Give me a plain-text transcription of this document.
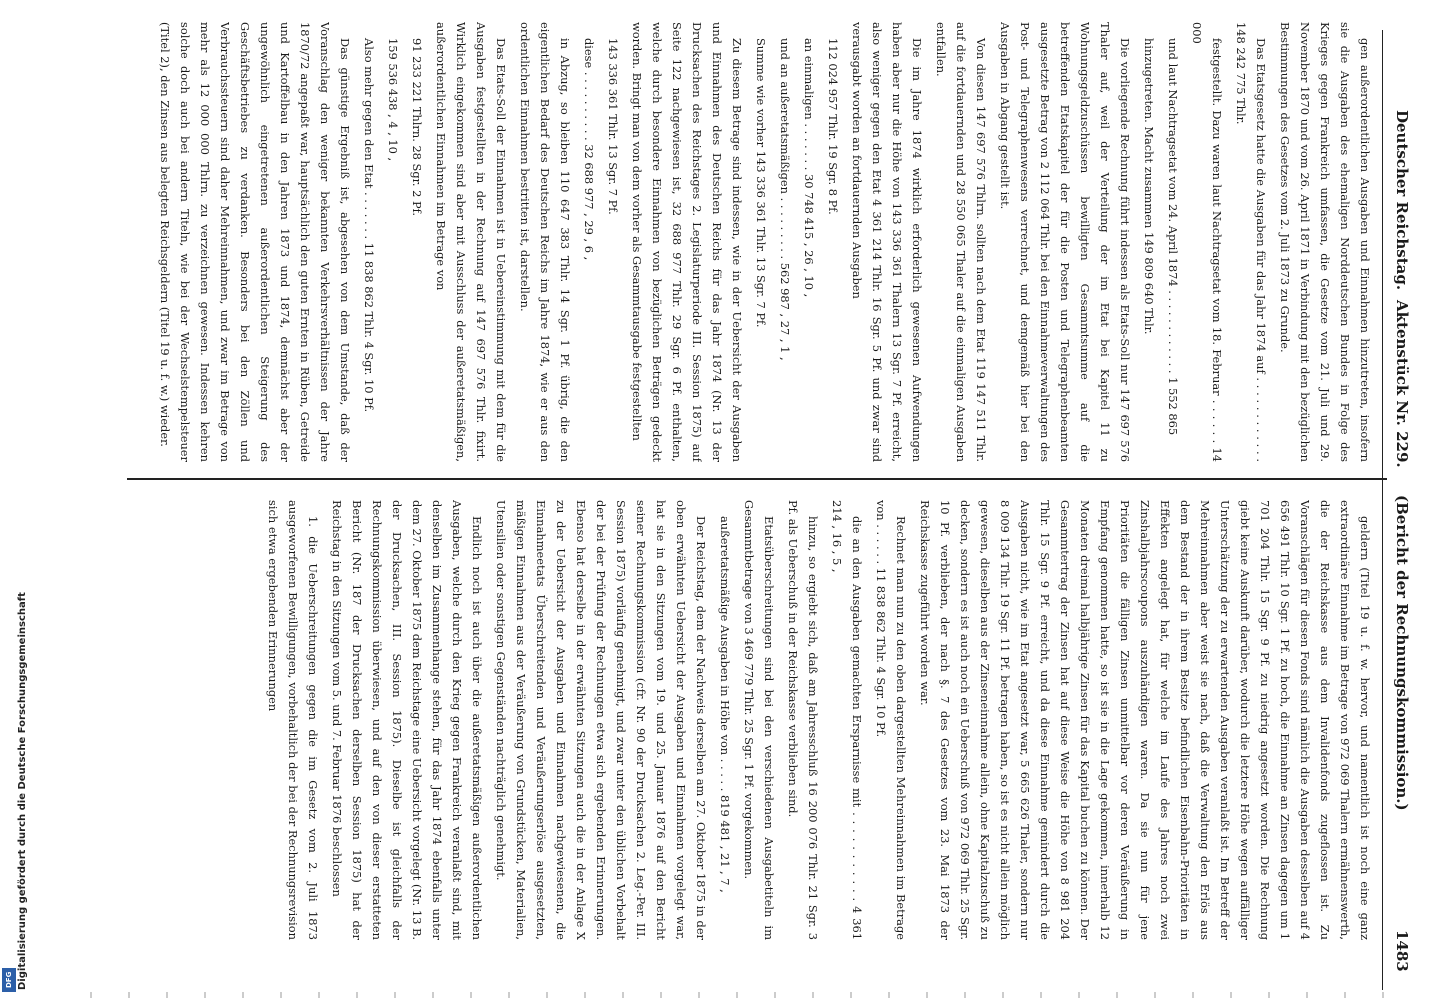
Digitalisierung gefördert durch die Deutsche Forschungsgemeinschaft
DFG
Deutscher Reichstag.
Aktenstück Nr. 229.
(Bericht der Rechnungskommission.)
1483

gen außerordentlichen Ausgaben und Einnahmen hinzutreten, insofern sie die Ausgaben des ehemaligen Norddeutschen Bundes in Folge des Krieges gegen Frankreich umfassen, die Gesetze vom 21. Juli und 29. November 1870 und vom 26. April 1871 in Verbindung mit den bezüglichen Bestimmungen des Gesetzes vom 2. Juli 1873 zu Grunde.

Das Etatsgesetz hatte die Ausgaben für das Jahr 1874 auf . . . . . . . . . . . . 148 242 775 Thlr.

festgestellt. Dazu waren laut Nachtragsetat vom 18. Februar . . . . . . 14 000

und laut Nachtragsetat vom 24. April 1874 . . . . . . . . . . . . 1 552 865

hinzugetreten. Macht zusammen 149 809 640 Thlr.

Die vorliegende Rechnung führt indessen als Etats-Soll nur 147 697 576 Thaler auf, weil der Verteilung der im Etat bei Kapitel 11 zu Wohnungsgeldzuschüssen bewilligten Gesammtsumme auf die betreffenden Etatskapitel der für die Posten und Telegraphenbeamten ausgesetzte Betrag von 2 112 064 Thlr. bei den Einnahmeverwaltungen des Post- und Telegraphenwesens verrechnet, und demgemäß hier bei den Ausgaben in Abgang gestellt ist.

Von diesen 147 697 576 Thlrn. sollten nach dem Etat 119 147 511 Thlr. auf die fortdauernden und 28 550 065 Thaler auf die einmaligen Ausgaben entfallen.

Die im Jahre 1874 wirklich erforderlich gewesenen Aufwendungen haben aber nur die Höhe von 143 336 361 Thalern 13 Sgr. 7 Pf. erreicht, also weniger gegen den Etat 4 361 214 Thlr. 16 Sgr. 5 Pf. und zwar sind verausgabt worden an fortdauernden Ausgaben

112 024 957 Thlr. 19 Sgr. 8 Pf.

an einmaligen . . . . . . . 30 748 415 , 26 , 10 ,

und an außeretatsmäßigen . . . . . . . . . 562 987 , 27 , 1 ,

Summe wie vorher 143 336 361 Thlr. 13 Sgr. 7 Pf.

Zu diesem Betrage sind indessen, wie in der Uebersicht der Ausgaben und Einnahmen des Deutschen Reichs für das Jahr 1874 (Nr. 13 der Drucksachen des Reichstages 2. Legislaturperiode III. Session 1875) auf Seite 122 nachgewiesen ist, 32 688 977 Thlr. 29 Sgr. 6 Pf. enthalten, welche durch besondere Einnahmen von bezüglichen Beträgen gedeckt worden. Bringt man von dem vorher als Gesammtausgabe festgestellten

143 336 361 Thlr. 13 Sgr. 7 Pf.

diese . . . . . . . . . . 32 688 977 , 29 , 6 ,

in Abzug, so bleiben 110 647 383 Thlr. 14 Sgr. 1 Pf. übrig, die den eigentlichen Bedarf des Deutschen Reichs im Jahre 1874, wie er aus den ordentlichen Einnahmen bestritten ist, darstellen.

Das Etats-Soll der Einnahmen ist in Uebereinstimmung mit dem für die Ausgaben festgestellten in der Rechnung auf 147 697 576 Thlr. fixirt. Wirklich eingekommen sind aber mit Ausschluss der außeretatsmäßigen, außerordentlichen Einnahmen im Betrage von

91 233 221 Thlrn. 28 Sgr. 2 Pf.

159 536 438 , 4 , 10 ,

Also mehr gegen den Etat . . . . . . . 11 838 862 Thlr. 4 Sgr. 10 Pf.

Das günstige Ergebniß ist, abgesehen von dem Umstande, daß der Voranschlag den weniger bekannten Verkehrsverhältnissen der Jahre 1870/72 angepaßt war, hauptsächlich den guten Ernten in Rüben, Getreide und Kartoffelbau in den Jahren 1873 und 1874, demnächst aber der ungewöhnlich eingetretenen außerordentlichen Steigerung des Geschäftsbetriebes zu verdanken. Besonders bei den Zöllen und Verbrauchssteuern sind daher Mehreinnahmen, und zwar im Betrage von mehr als 12 000 000 Thlrn. zu verzeichnen gewesen. Indessen kehren solche doch auch bei andern Titeln, wie bei der Wechselstempelsteuer (Titel 2), den Zinsen aus belegten Reichsgeldern (Titel 19 u. f. w.) wieder.

geldern (Titel 19 u. f. w. hervor, und namentlich ist noch eine ganz extraordinäre Einnahme im Betrage von 972 069 Thalern ermähnenswerth, die der Reichskasse aus dem Invalidenfonds zugeflossen ist. Zu Voranschlägen für diesen Fonds sind nämlich die Ausgaben desselben auf 4 656 491 Thlr. 10 Sgr. 1 Pf. zu hoch, die Einnahme an Zinsen dagegen um 1 701 204 Thlr. 15 Sgr. 9 Pf. zu niedrig angesetzt worden. Die Rechnung giebt keine Auskunft darüber, wodurch die letztere Höhe wegen auffälliger Unterschätzung der zu erwartenden Ausgaben veranlaßt ist. Im Betreff der Mehreinnahmen aber weist sie nach, daß die Verwaltung den Erlös aus dem Bestand der in ihrem Besitze befindlichen Eisenbahn-Prioritäten in Effekten angelegt hat, für welche im Laufe des Jahres noch zwei Zinshalbjahrscoupons auszuhändigen waren. Da sie nun für jene Prioritäten die fälligen Zinsen unmittelbar vor deren Veräußerung in Empfang genommen hatte, so ist sie in die Lage gekommen, innerhalb 12 Monaten dreimal halbjährige Zinsen für das Kapital buchen zu können. Der Gesammtertrag der Zinsen hat auf diese Weise die Höhe von 8 981 204 Thlr. 15 Sgr. 9 Pf. erreicht, und da diese Einnahme gemindert durch die Ausgaben nicht, wie im Etat angesetzt war, 5 665 626 Thaler, sondern nur 8 009 134 Thlr. 19 Sgr. 11 Pf. betragen haben, so ist es nicht allein möglich gewesen, dieselben aus der Zinseneinnahme allein, ohne Kapitalzuschuß zu decken, sondern es ist auch noch ein Ueberschuß von 972 069 Thlr. 25 Sgr. 10 Pf. verblieben, der nach §. 7 des Gesetzes vom 23. Mai 1873 der Reichskasse zugeführt worden war.

Rechnet man nun zu den oben dargestellten Mehreinnahmen im Betrage von . . . . . . 11 838 862 Thlr. 4 Sgr. 10 Pf.

die an den Ausgaben gemachten Ersparnisse mit . . . . . . . . . . . 4 361 214 , 16 , 5 ,

hinzu, so ergiebt sich, daß am Jahresschluß 16 200 076 Thlr. 21 Sgr. 3 Pf. als Ueberschuß in der Reichskasse verblieben sind.

Etatsüberschreitungen sind bei den verschiedenen Ausgabetiteln im Gesammtbetrage von 3 469 779 Thlr. 25 Sgr. 1 Pf. vorgekommen.

außeretatsmäßige Ausgaben in Höhe von . . . . . 819 481 , 21 , 7 ,

Der Reichstag, dem der Nachweis derselben am 27. Oktober 1875 in der oben erwähnten Uebersicht der Ausgaben und Einnahmen vorgelegt war, hat sie in den Sitzungen vom 19. und 25. Januar 1876 auf den Bericht seiner Rechnungskommission (cfr. Nr. 90 der Drucksachen 2. Leg.-Per. III. Session 1875) vorläufig genehmigt, und zwar unter den üblichen Vorbehalt der bei der Prüfung der Rechnungen etwa sich ergebenden Erinnerungen. Ebenso hat derselbe in der erwähnten Sitzungen auch die in der Anlage X zu der Uebersicht der Ausgaben und Einnahmen nachgewiesenen, die Einnahmeetats Überschreitenden und Veräußerungserlöse ausgesetzten, mäßigen Einnahmen aus der Veräußerung von Grundstücken, Materialien, Utensilien oder sonstigen Gegenständen nachträglich genehmigt.

Endlich noch ist auch über die außeretatsmäßigen außerordentlichen Ausgaben, welche durch den Krieg gegen Frankreich veranlaßt sind, mit denselben im Zusammenhange stehen, für das Jahr 1874 ebenfalls unter dem 27. Oktober 1875 dem Reichstage eine Uebersicht vorgelegt (Nr. 13 B. der Drucksachen, III. Session 1875). Dieselbe ist gleichfalls der Rechnungskommission überwiesen, und auf den von dieser erstatteten Bericht (Nr. 187 der Drucksachen derselben Session 1875) hat der Reichstag in den Sitzungen vom 5. und 7. Februar 1876 beschlossen

1. die Ueberschreitungen gegen die im Gesetz vom 2. Juli 1873 ausgeworfenen Bewilligungen, vorbehaltlich der bei der Rechnungsrevision sich etwa ergebenden Erinnerungen
